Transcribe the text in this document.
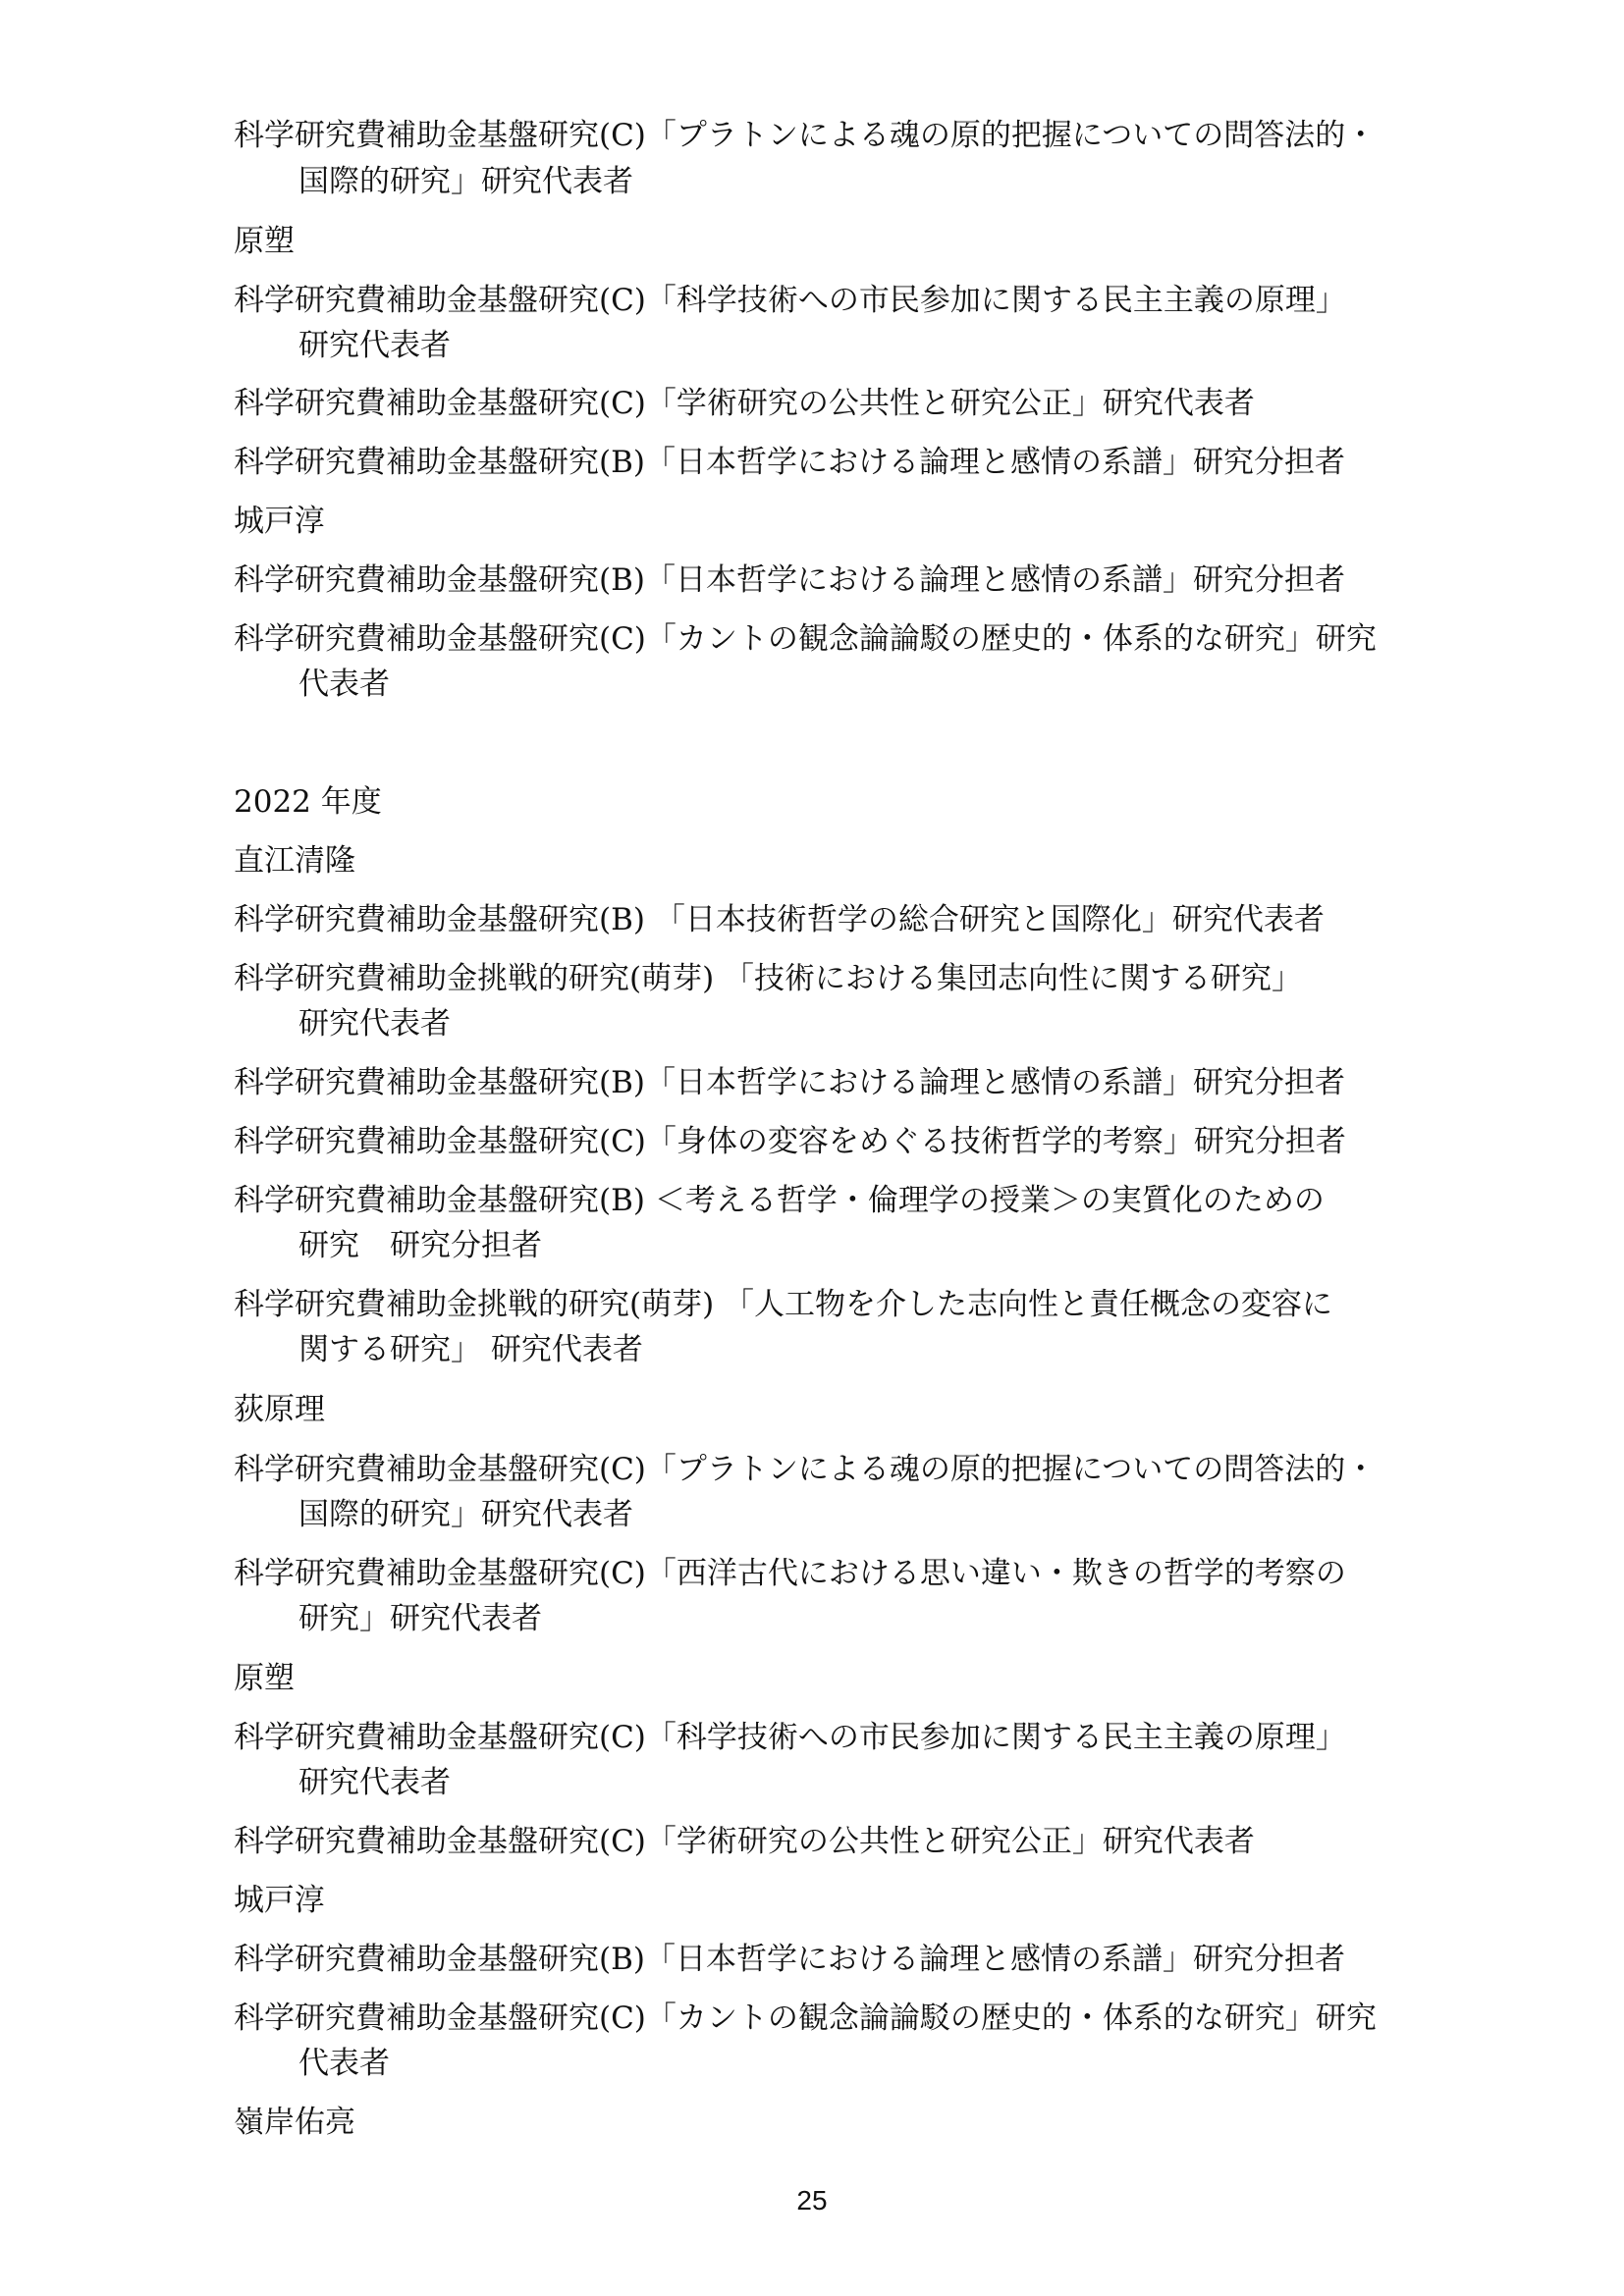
科学研究費補助金基盤研究(C)「プラトンによる魂の原的把握についての問答法的・
国際的研究」研究代表者
原塑
科学研究費補助金基盤研究(C)「科学技術への市民参加に関する民主主義の原理」
研究代表者
科学研究費補助金基盤研究(C)「学術研究の公共性と研究公正」研究代表者
科学研究費補助金基盤研究(B)「日本哲学における論理と感情の系譜」研究分担者
城戸淳
科学研究費補助金基盤研究(B)「日本哲学における論理と感情の系譜」研究分担者
科学研究費補助金基盤研究(C)「カントの観念論論駁の歴史的・体系的な研究」研究
代表者
2022 年度
直江清隆
科学研究費補助金基盤研究(B) 「日本技術哲学の総合研究と国際化」研究代表者
科学研究費補助金挑戦的研究(萌芽) 「技術における集団志向性に関する研究」
研究代表者
科学研究費補助金基盤研究(B)「日本哲学における論理と感情の系譜」研究分担者
科学研究費補助金基盤研究(C)「身体の変容をめぐる技術哲学的考察」研究分担者
科学研究費補助金基盤研究(B) ＜考える哲学・倫理学の授業＞の実質化のための
研究　研究分担者
科学研究費補助金挑戦的研究(萌芽) 「人工物を介した志向性と責任概念の変容に
関する研究」 研究代表者
荻原理
科学研究費補助金基盤研究(C)「プラトンによる魂の原的把握についての問答法的・
国際的研究」研究代表者
科学研究費補助金基盤研究(C)「西洋古代における思い違い・欺きの哲学的考察の
研究」研究代表者
原塑
科学研究費補助金基盤研究(C)「科学技術への市民参加に関する民主主義の原理」
研究代表者
科学研究費補助金基盤研究(C)「学術研究の公共性と研究公正」研究代表者
城戸淳
科学研究費補助金基盤研究(B)「日本哲学における論理と感情の系譜」研究分担者
科学研究費補助金基盤研究(C)「カントの観念論論駁の歴史的・体系的な研究」研究
代表者
嶺岸佑亮
25
